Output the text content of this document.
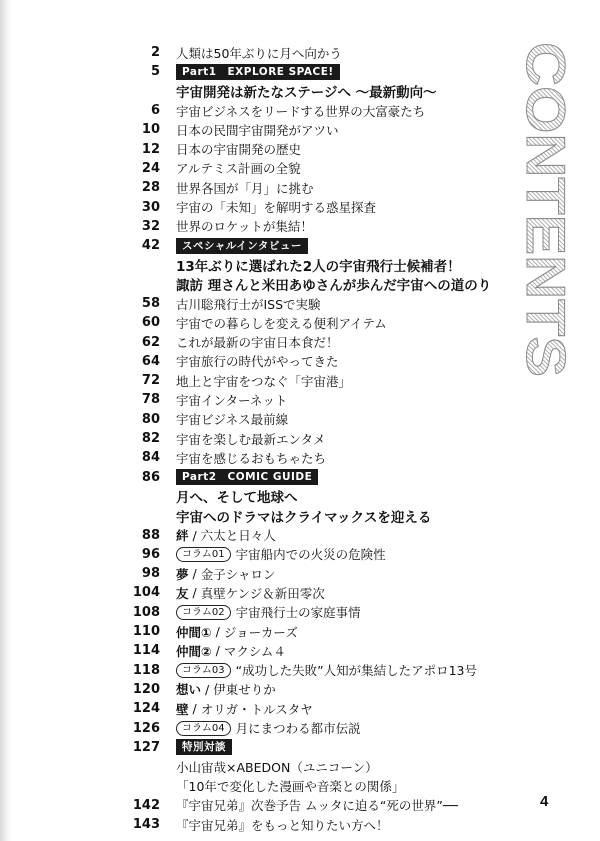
2	人類は50年ぶりに月へ向かう
5	Part1　EXPLORE SPACE!
宇宙開発は新たなステージへ 〜最新動向〜
6	宇宙ビジネスをリードする世界の大富豪たち
10	日本の民間宇宙開発がアツい
12	日本の宇宙開発の歴史
24	アルテミス計画の全貌
28	世界各国が「月」に挑む
30	宇宙の「未知」を解明する惑星探査
32	世界のロケットが集結！
42	スペシャルインタビュー
13年ぶりに選ばれた2人の宇宙飛行士候補者！
諏訪 理さんと米田あゆさんが歩んだ宇宙への道のり
58	古川聡飛行士がISSで実験
60	宇宙での暮らしを変える便利アイテム
62	これが最新の宇宙日本食だ！
64	宇宙旅行の時代がやってきた
72	地上と宇宙をつなぐ「宇宙港」
78	宇宙インターネット
80	宇宙ビジネス最前線
82	宇宙を楽しむ最新エンタメ
84	宇宙を感じるおもちゃたち
86	Part2　COMIC GUIDE
月へ、そして地球へ
宇宙へのドラマはクライマックスを迎える
88	絆 / 六太と日々人
96	コラム01 宇宙船内での火災の危険性
98	夢 / 金子シャロン
104	友 / 真壁ケンジ＆新田零次
108	コラム02 宇宙飛行士の家庭事情
110	仲間① / ジョーカーズ
114	仲間② / マクシム４
118	コラム03 “成功した失敗”人知が集結したアポロ13号
120	想い / 伊東せりか
124	壁 / オリガ・トルスタヤ
126	コラム04 月にまつわる都市伝説
127	特別対談
小山宙哉×ABEDON（ユニコーン）
「10年で変化した漫画や音楽との関係」
142	『宇宙兄弟』次巻予告 ムッタに迫る“死の世界”──
143	『宇宙兄弟』をもっと知りたい方へ！
CONTENTS
4
